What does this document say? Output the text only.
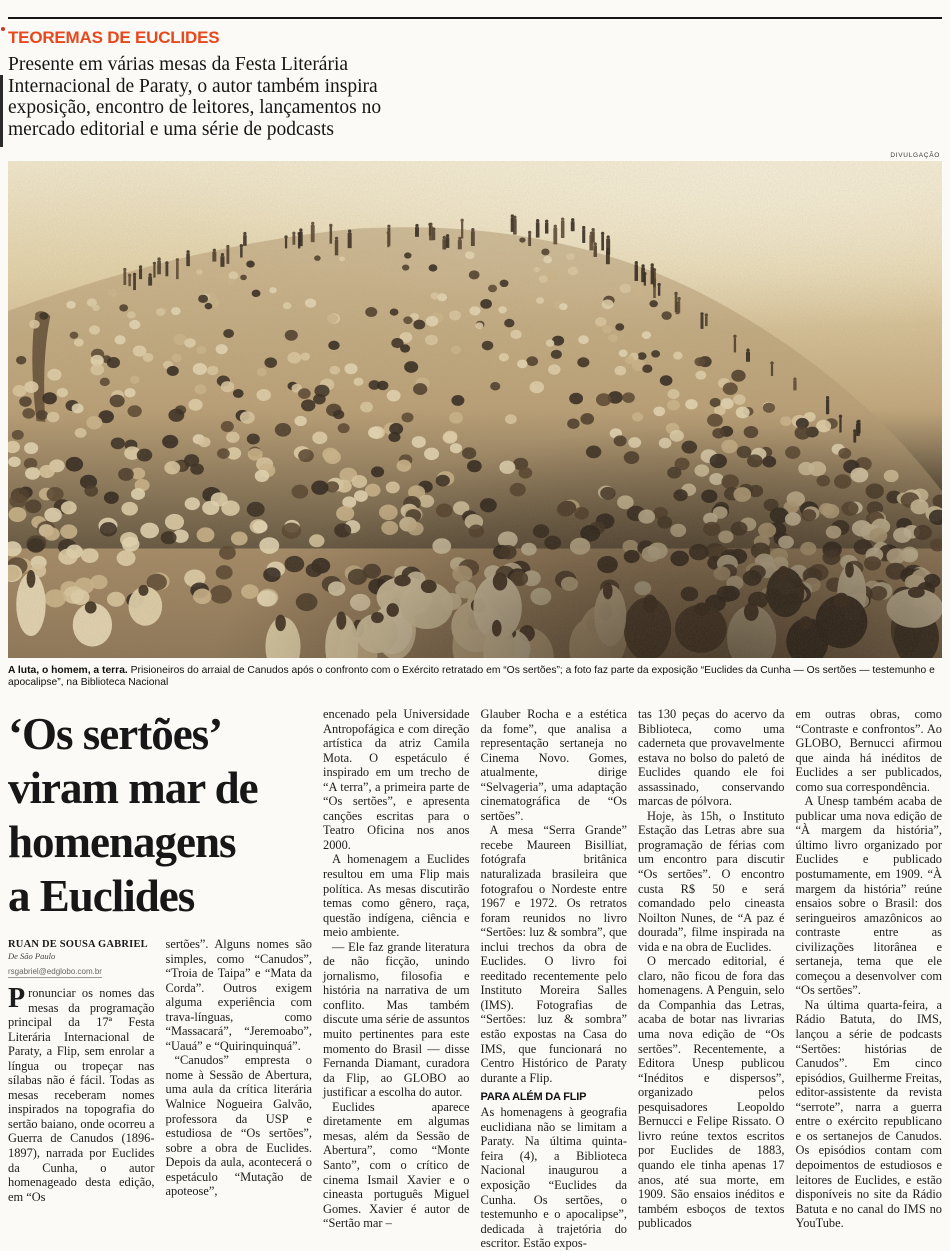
TEOREMAS DE EUCLIDES

Presente em várias mesas da Festa Literária Internacional de Paraty, o autor também inspira exposição, encontro de leitores, lançamentos no mercado editorial e uma série de podcasts

DIVULGAÇÃO

A luta, o homem, a terra. Prisioneiros do arraial de Canudos após o confronto com o Exército retratado em “Os sertões”; a foto faz parte da exposição “Euclides da Cunha — Os sertões — testemunho e apocalipse”, na Biblioteca Nacional

‘Os sertões’
viram mar de
homenagens
a Euclides
RUAN DE SOUSA GABRIEL
De São Paulo
rsgabriel@edglobo.com.br

Pronunciar os nomes das mesas da programação principal da 17ª Festa Literária Internacional de Paraty, a Flip, sem enrolar a língua ou tropeçar nas sílabas não é fácil. Todas as mesas receberam nomes inspirados na topografia do sertão baiano, onde ocorreu a Guerra de Canudos (1896-1897), narrada por Euclides da Cunha, o autor homenageado desta edição, em “Os

sertões”. Alguns nomes são simples, como “Canudos”, “Troia de Taipa” e “Mata da Corda”. Outros exigem alguma experiência com trava-línguas, como “Massacará”, “Jeremoabo”, “Uauá” e “Quirinquinquá”.

“Canudos” empresta o nome à Sessão de Abertura, uma aula da crítica literária Walnice Nogueira Galvão, professora da USP e estudiosa de “Os sertões”, sobre a obra de Euclides. Depois da aula, acontecerá o espetáculo “Mutação de apoteose”,

encenado pela Universidade Antropofágica e com direção artística da atriz Camila Mota. O espetáculo é inspirado em um trecho de “A terra”, a primeira parte de “Os sertões”, e apresenta canções escritas para o Teatro Oficina nos anos 2000.

A homenagem a Euclides resultou em uma Flip mais política. As mesas discutirão temas como gênero, raça, questão indígena, ciência e meio ambiente.

— Ele faz grande literatura de não ficção, unindo jornalismo, filosofia e história na narrativa de um conflito. Mas também discute uma série de assuntos muito pertinentes para este momento do Brasil — disse Fernanda Diamant, curadora da Flip, ao GLOBO ao justificar a escolha do autor.

Euclides aparece diretamente em algumas mesas, além da Sessão de Abertura”, como “Monte Santo”, com o crítico de cinema Ismail Xavier e o cineasta português Miguel Gomes. Xavier é autor de “Sertão mar –

Glauber Rocha e a estética da fome”, que analisa a representação sertaneja no Cinema Novo. Gomes, atualmente, dirige “Selvageria”, uma adaptação cinematográfica de “Os sertões”.

A mesa “Serra Grande” recebe Maureen Bisilliat, fotógrafa britânica naturalizada brasileira que fotografou o Nordeste entre 1967 e 1972. Os retratos foram reunidos no livro “Sertões: luz & sombra”, que inclui trechos da obra de Euclides. O livro foi reeditado recentemente pelo Instituto Moreira Salles (IMS). Fotografias de “Sertões: luz & sombra” estão expostas na Casa do IMS, que funcionará no Centro Histórico de Paraty durante a Flip.

PARA ALÉM DA FLIP

As homenagens à geografia euclidiana não se limitam a Paraty. Na última quinta-feira (4), a Biblioteca Nacional inaugurou a exposição “Euclides da Cunha. Os sertões, o testemunho e o apocalipse”, dedicada à trajetória do escritor. Estão expos-

tas 130 peças do acervo da Biblioteca, como uma caderneta que provavelmente estava no bolso do paletó de Euclides quando ele foi assassinado, conservando marcas de pólvora.

Hoje, às 15h, o Instituto Estação das Letras abre sua programação de férias com um encontro para discutir “Os sertões”. O encontro custa R$ 50 e será comandado pelo cineasta Noilton Nunes, de “A paz é dourada”, filme inspirada na vida e na obra de Euclides.

O mercado editorial, é claro, não ficou de fora das homenagens. A Penguin, selo da Companhia das Letras, acaba de botar nas livrarias uma nova edição de “Os sertões”. Recentemente, a Editora Unesp publicou “Inéditos e dispersos”, organizado pelos pesquisadores Leopoldo Bernucci e Felipe Rissato. O livro reúne textos escritos por Euclides de 1883, quando ele tinha apenas 17 anos, até sua morte, em 1909. São ensaios inéditos e também esboços de textos publicados

em outras obras, como “Contraste e confrontos”. Ao GLOBO, Bernucci afirmou que ainda há inéditos de Euclides a ser publicados, como sua correspondência.

A Unesp também acaba de publicar uma nova edição de “À margem da história”, último livro organizado por Euclides e publicado postumamente, em 1909. “À margem da história” reúne ensaios sobre o Brasil: dos seringueiros amazônicos ao contraste entre as civilizações litorânea e sertaneja, tema que ele começou a desenvolver com “Os sertões”.

Na última quarta-feira, a Rádio Batuta, do IMS, lançou a série de podcasts “Sertões: histórias de Canudos”. Em cinco episódios, Guilherme Freitas, editor-assistente da revista “serrote”, narra a guerra entre o exército republicano e os sertanejos de Canudos. Os episódios contam com depoimentos de estudiosos e leitores de Euclides, e estão disponíveis no site da Rádio Batuta e no canal do IMS no YouTube.
